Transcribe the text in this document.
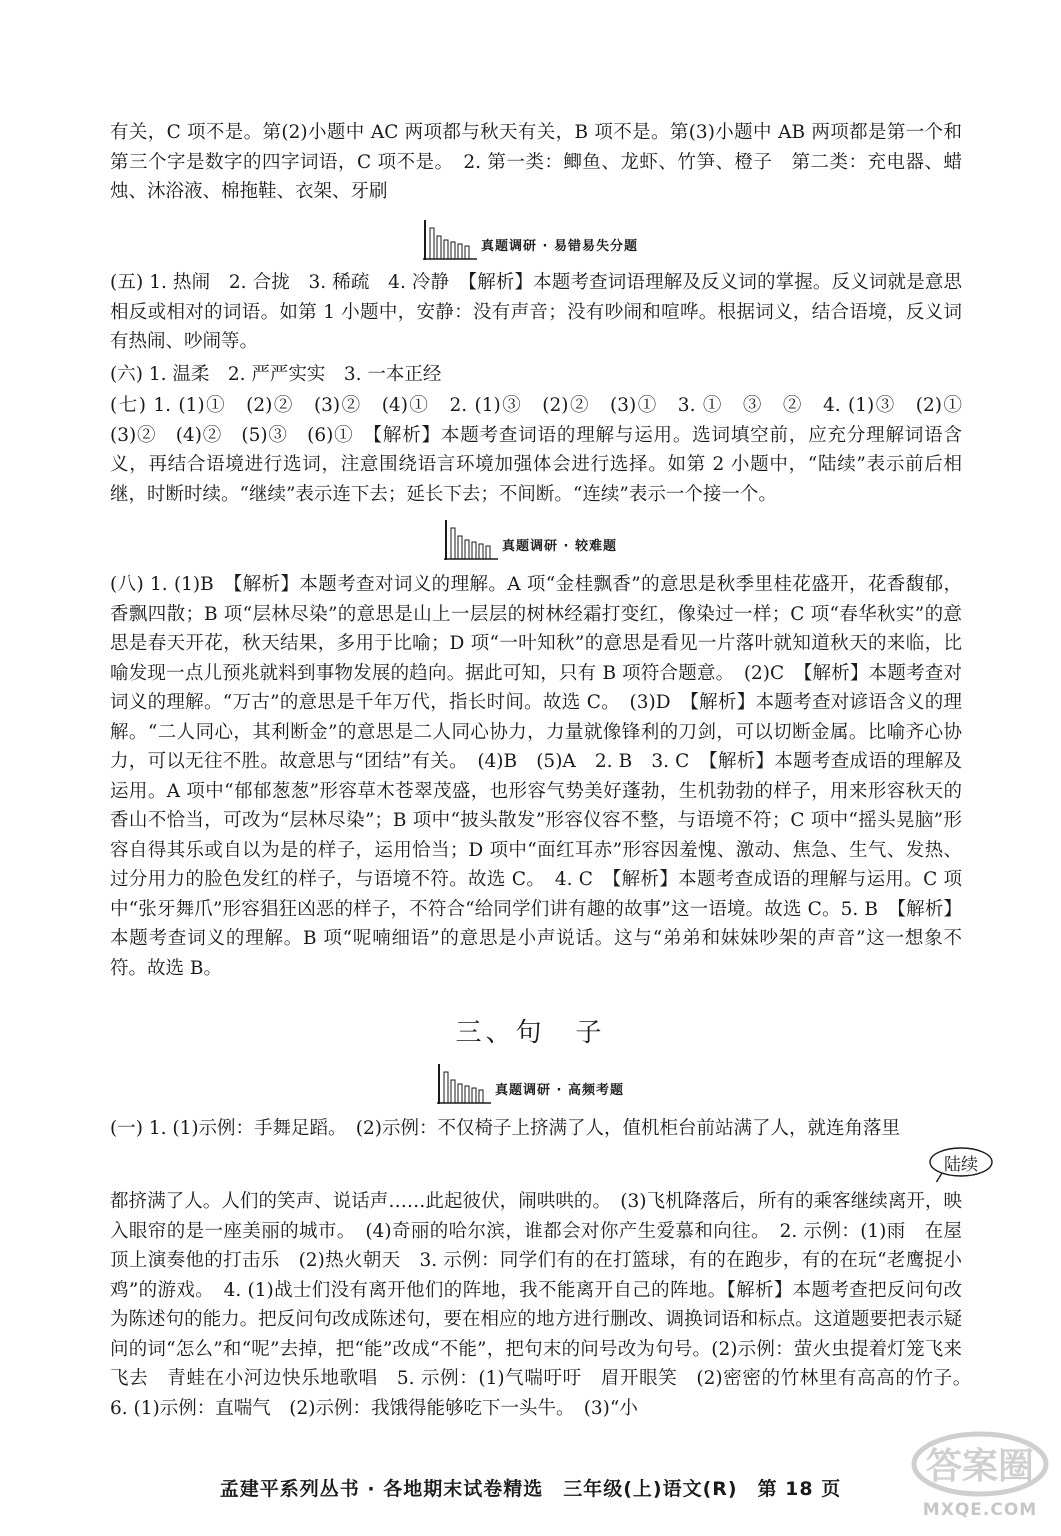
有关，C 项不是。第(2)小题中 AC 两项都与秋天有关，B 项不是。第(3)小题中 AB 两项都是第一个和第三个字是数字的四字词语，C 项不是。　2. 第一类：鲫鱼、龙虾、竹笋、橙子　第二类：充电器、蜡烛、沐浴液、棉拖鞋、衣架、牙刷

真题调研 · 易错易失分题

(五) 1. 热闹　2. 合拢　3. 稀疏　4. 冷静　【解析】本题考查词语理解及反义词的掌握。反义词就是意思相反或相对的词语。如第 1 小题中，安静：没有声音；没有吵闹和喧哗。根据词义，结合语境，反义词有热闹、吵闹等。

(六) 1. 温柔　2. 严严实实　3. 一本正经

(七) 1. (1)①　(2)②　(3)②　(4)①　2. (1)③　(2)②　(3)①　3. ①　③　②　4. (1)③　(2)①　(3)②　(4)②　(5)③　(6)①　【解析】本题考查词语的理解与运用。选词填空前，应充分理解词语含义，再结合语境进行选词，注意围绕语言环境加强体会进行选择。如第 2 小题中，“陆续”表示前后相继，时断时续。“继续”表示连下去；延长下去；不间断。“连续”表示一个接一个。

真题调研 · 较难题

(八) 1. (1)B　【解析】本题考查对词义的理解。A 项“金桂飘香”的意思是秋季里桂花盛开，花香馥郁，香飘四散；B 项“层林尽染”的意思是山上一层层的树林经霜打变红，像染过一样；C 项“春华秋实”的意思是春天开花，秋天结果，多用于比喻；D 项“一叶知秋”的意思是看见一片落叶就知道秋天的来临，比喻发现一点儿预兆就料到事物发展的趋向。据此可知，只有 B 项符合题意。　(2)C　【解析】本题考查对词义的理解。“万古”的意思是千年万代，指长时间。故选 C。　(3)D　【解析】本题考查对谚语含义的理解。“二人同心，其利断金”的意思是二人同心协力，力量就像锋利的刀剑，可以切断金属。比喻齐心协力，可以无往不胜。故意思与“团结”有关。　(4)B　(5)A　2. B　3. C　【解析】本题考查成语的理解及运用。A 项中“郁郁葱葱”形容草木苍翠茂盛，也形容气势美好蓬勃，生机勃勃的样子，用来形容秋天的香山不恰当，可改为“层林尽染”；B 项中“披头散发”形容仪容不整，与语境不符；C 项中“摇头晃脑”形容自得其乐或自以为是的样子，运用恰当；D 项中“面红耳赤”形容因羞愧、激动、焦急、生气、发热、过分用力的脸色发红的样子，与语境不符。故选 C。　4. C　【解析】本题考查成语的理解与运用。C 项中“张牙舞爪”形容猖狂凶恶的样子，不符合“给同学们讲有趣的故事”这一语境。故选 C。5. B　【解析】本题考查词义的理解。B 项“呢喃细语”的意思是小声说话。这与“弟弟和妹妹吵架的声音”这一想象不符。故选 B。

三、句　子
真题调研 · 高频考题

(一) 1. (1)示例：手舞足蹈。　(2)示例：不仅椅子上挤满了人，值机柜台前站满了人，就连角落里

陆续

都挤满了人。人们的笑声、说话声……此起彼伏，闹哄哄的。　(3)飞机降落后，所有的乘客继续离开，映入眼帘的是一座美丽的城市。　(4)奇丽的哈尔滨，谁都会对你产生爱慕和向往。　2. 示例：(1)雨　在屋顶上演奏他的打击乐　(2)热火朝天　3. 示例：同学们有的在打篮球，有的在跑步，有的在玩“老鹰捉小鸡”的游戏。　4. (1)战士们没有离开他们的阵地，我不能离开自己的阵地。【解析】本题考查把反问句改为陈述句的能力。把反问句改成陈述句，要在相应的地方进行删改、调换词语和标点。这道题要把表示疑问的词“怎么”和“呢”去掉，把“能”改成“不能”，把句末的问号改为句号。(2)示例：萤火虫提着灯笼飞来飞去　青蛙在小河边快乐地歌唱　5. 示例：(1)气喘吁吁　眉开眼笑　(2)密密的竹林里有高高的竹子。　6. (1)示例：直喘气　(2)示例：我饿得能够吃下一头牛。　(3)“小

孟建平系列丛书 · 各地期末试卷精选　三年级(上)语文(R)　第 18 页
答案圈
MXQE.COM
